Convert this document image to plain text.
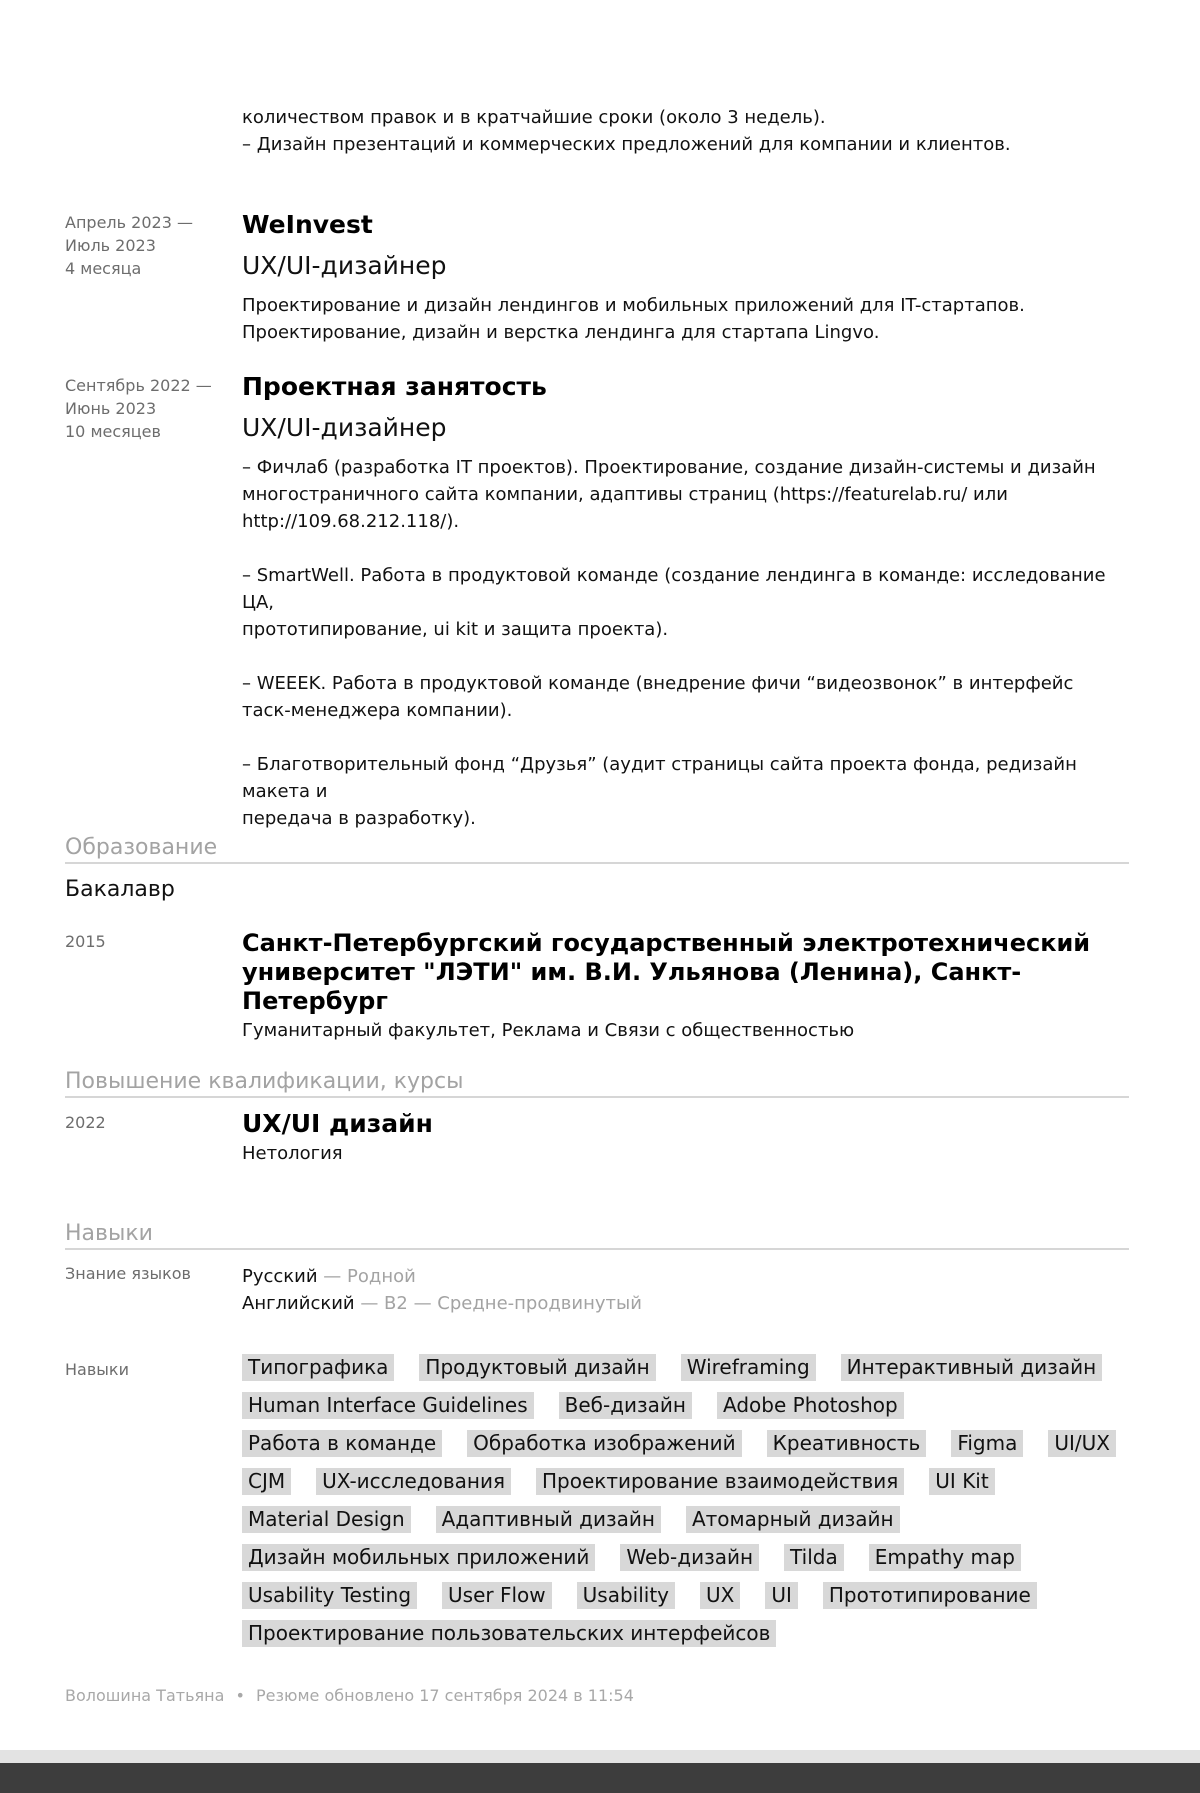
количеством правок и в кратчайшие сроки (около 3 недель).
– Дизайн презентаций и коммерческих предложений для компании и клиентов.
Апрель 2023 —
Июль 2023
4 месяца
WeInvest
UX/UI-дизайнер
Проектирование и дизайн лендингов и мобильных приложений для IT-стартапов.
Проектирование, дизайн и верстка лендинга для стартапа Lingvo.
Сентябрь 2022 —
Июнь 2023
10 месяцев
Проектная занятость
UX/UI-дизайнер
– Фичлаб (разработка IT проектов). Проектирование, создание дизайн-системы и дизайн
многостраничного сайта компании, адаптивы страниц (https://featurelab.ru/ или
http://109.68.212.118/).
– SmartWell. Работа в продуктовой команде (создание лендинга в команде: исследование ЦА,
прототипирование, ui kit и защита проекта).
– WEEEK. Работа в продуктовой команде (внедрение фичи “видеозвонок” в интерфейс
таск-менеджера компании).
– Благотворительный фонд “Друзья” (аудит страницы сайта проекта фонда, редизайн макета и
передача в разработку).
Образование
Бакалавр
2015	Санкт-Петербургский государственный электротехнический
университет "ЛЭТИ" им. В.И. Ульянова (Ленина), Санкт-Петербург
Гуманитарный факультет, Реклама и Связи с общественностью
Повышение квалификации, курсы
2022	UX/UI дизайн
Нетология
Навыки
Знание языков	Русский — Родной
Английский — B2 — Средне-продвинутый
Навыки	Типографика	Продуктовый дизайн	Wireframing	Интерактивный дизайн
Human Interface Guidelines	Веб-дизайн	Adobe Photoshop
Работа в команде	Обработка изображений	Креативность	Figma	UI/UX
CJM	UX-исследования	Проектирование взаимодействия	UI Kit
Material Design	Адаптивный дизайн	Атомарный дизайн
Дизайн мобильных приложений	Web-дизайн	Tilda	Empathy map
Usability Testing	User Flow	Usability	UX	UI	Прототипирование
Проектирование пользовательских интерфейсов
Волошина Татьяна • Резюме обновлено 17 сентября 2024 в 11:54
